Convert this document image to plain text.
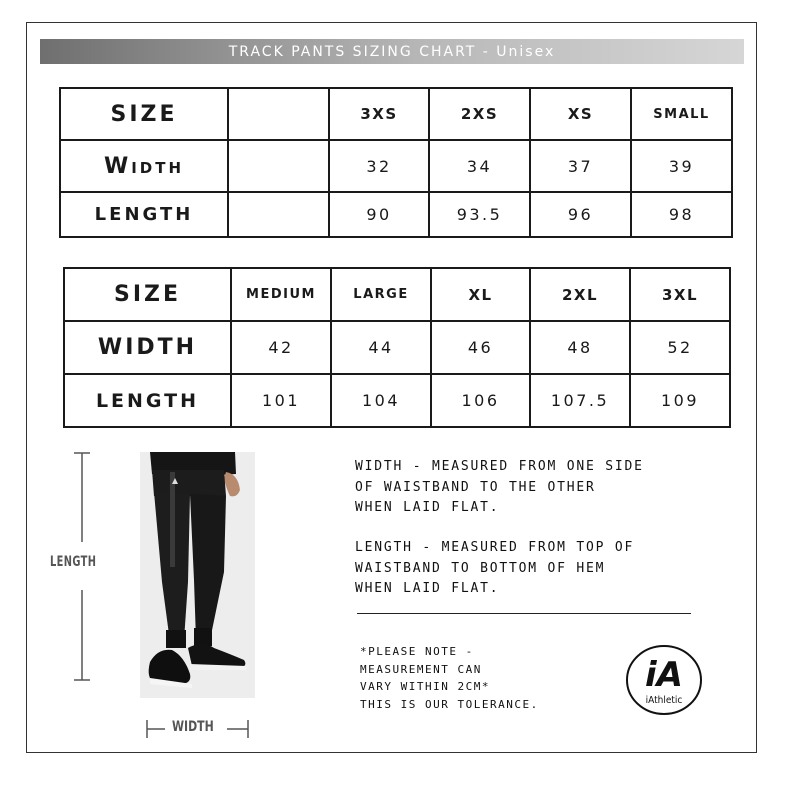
TRACK PANTS SIZING CHART - Unisex
SIZE		3XS	2XS	XS	SMALL
Width		32	34	37	39
LENGTH		90	93.5	96	98
SIZE	MEDIUM	LARGE	XL	2XL	3XL
WIDTH	42	44	46	48	52
LENGTH	101	104	106	107.5	109
LENGTH
WIDTH
WIDTH - MEASURED FROM ONE SIDE
OF WAISTBAND TO THE OTHER
WHEN LAID FLAT.
LENGTH - MEASURED FROM TOP OF
WAISTBAND TO BOTTOM OF HEM
WHEN LAID FLAT.
*PLEASE NOTE -
MEASUREMENT CAN
VARY WITHIN 2CM*
THIS IS OUR TOLERANCE.
iA
iAthletic
